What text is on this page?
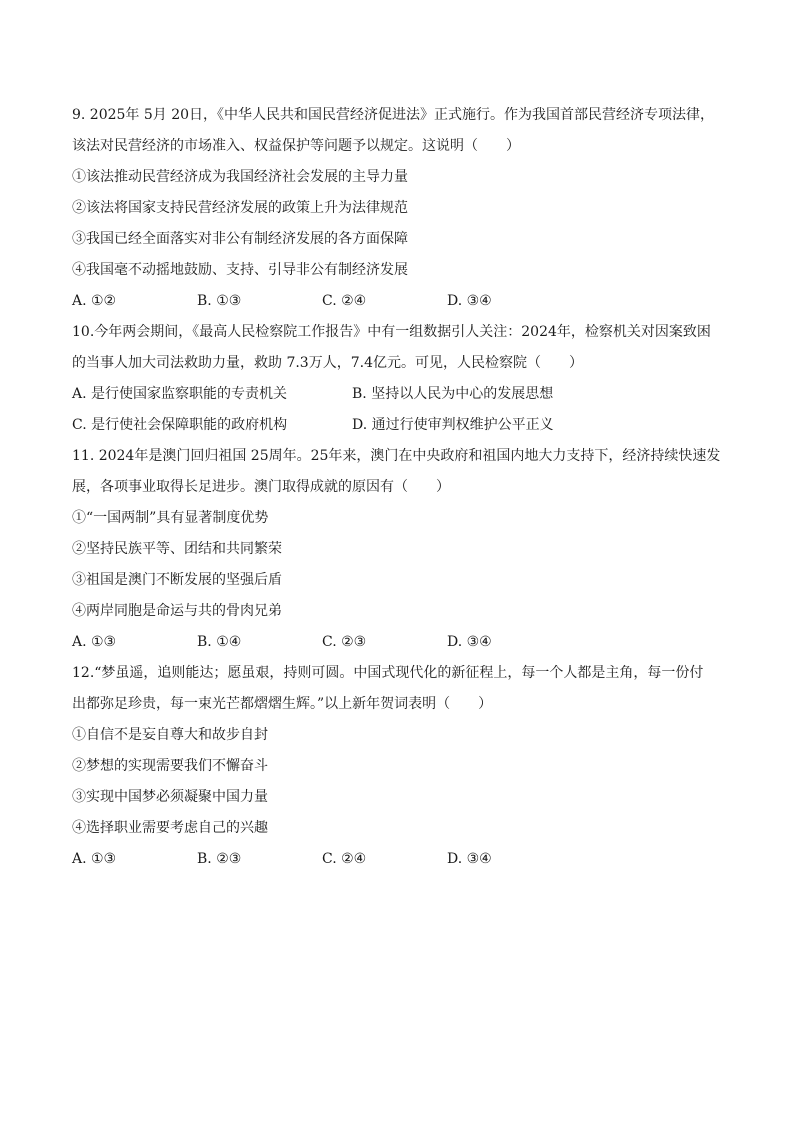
9. 2025年 5月 20日，《中华人民共和国民营经济促进法》正式施行。作为我国首部民营经济专项法律，
该法对民营经济的市场准入、权益保护等问题予以规定。这说明（　　）
①该法推动民营经济成为我国经济社会发展的主导力量
②该法将国家支持民营经济发展的政策上升为法律规范
③我国已经全面落实对非公有制经济发展的各方面保障
④我国毫不动摇地鼓励、支持、引导非公有制经济发展
A. ①②	B. ①③	C. ②④	D. ③④
10.今年两会期间，《最高人民检察院工作报告》中有一组数据引人关注：2024年，检察机关对因案致困
的当事人加大司法救助力量，救助 7.3万人，7.4亿元。可见，人民检察院（　　）
A. 是行使国家监察职能的专责机关	B. 坚持以人民为中心的发展思想
C. 是行使社会保障职能的政府机构	D. 通过行使审判权维护公平正义
11. 2024年是澳门回归祖国 25周年。25年来，澳门在中央政府和祖国内地大力支持下，经济持续快速发
展，各项事业取得长足进步。澳门取得成就的原因有（　　）
①“一国两制”具有显著制度优势
②坚持民族平等、团结和共同繁荣
③祖国是澳门不断发展的坚强后盾
④两岸同胞是命运与共的骨肉兄弟
A. ①③	B. ①④	C. ②③	D. ③④
12.“梦虽遥，追则能达；愿虽艰，持则可圆。中国式现代化的新征程上，每一个人都是主角，每一份付
出都弥足珍贵，每一束光芒都熠熠生辉。”以上新年贺词表明（　　）
①自信不是妄自尊大和故步自封
②梦想的实现需要我们不懈奋斗
③实现中国梦必须凝聚中国力量
④选择职业需要考虑自己的兴趣
A. ①③	B. ②③	C. ②④	D. ③④
